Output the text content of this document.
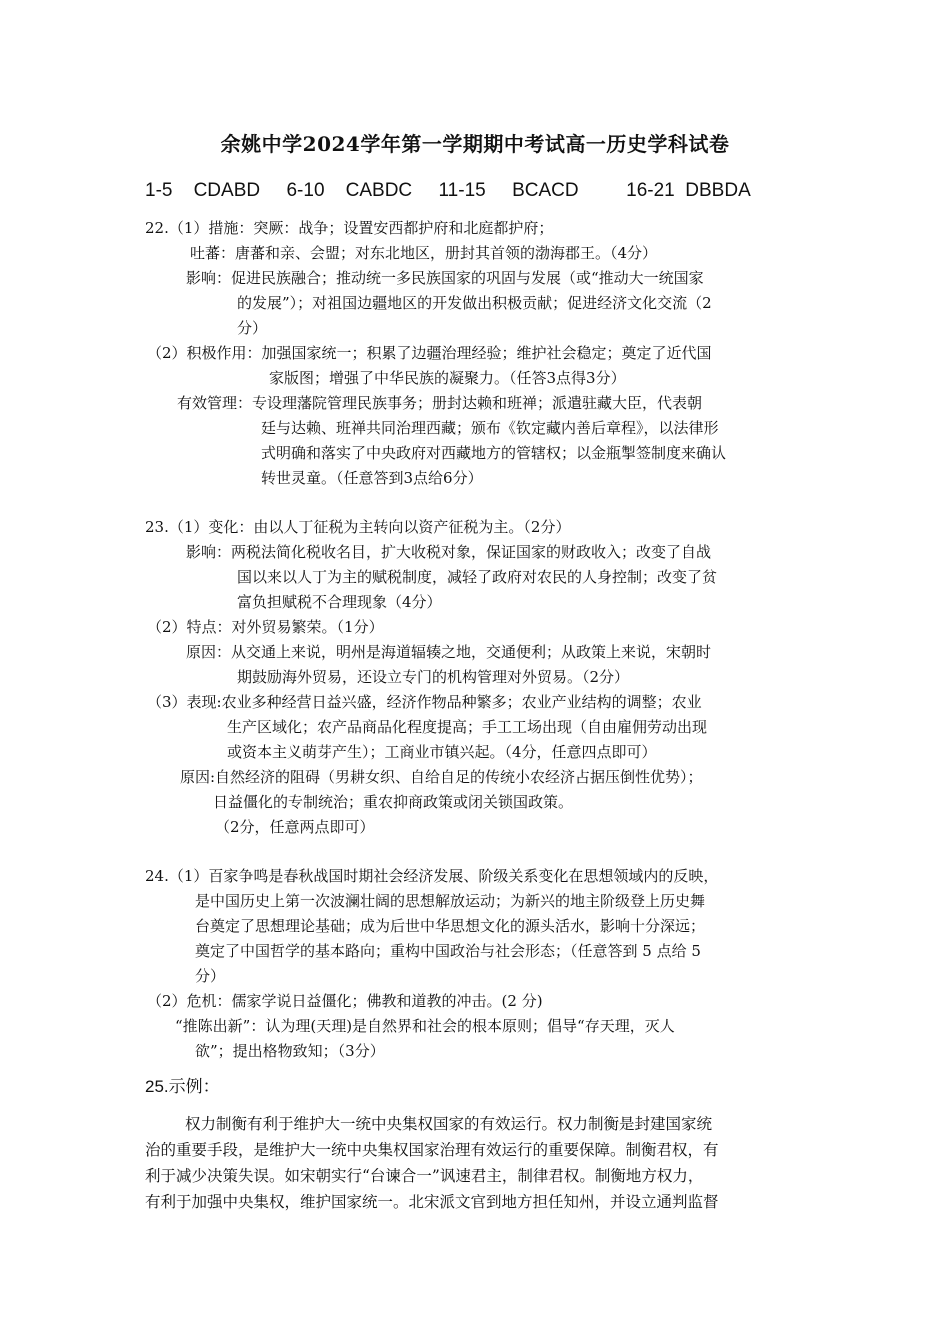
余姚中学2024学年第一学期期中考试高一历史学科试卷
1-5    CDABD     6-10    CABDC     11-15     BCACD         16-21  DBBDA
22.（1）措施：突厥：战争；设置安西都护府和北庭都护府；
吐蕃：唐蕃和亲、会盟；对东北地区，册封其首领的渤海郡王。（4分）
影响：促进民族融合；推动统一多民族国家的巩固与发展（或“推动大一统国家
的发展”）；对祖国边疆地区的开发做出积极贡献；促进经济文化交流（2
分）
（2）积极作用：加强国家统一；积累了边疆治理经验；维护社会稳定；奠定了近代国
家版图；增强了中华民族的凝聚力。（任答3点得3分）
有效管理：专设理藩院管理民族事务；册封达赖和班禅；派遣驻藏大臣，代表朝
廷与达赖、班禅共同治理西藏；颁布《钦定藏内善后章程》，以法律形
式明确和落实了中央政府对西藏地方的管辖权；以金瓶掣签制度来确认
转世灵童。（任意答到3点给6分）
23.（1）变化：由以人丁征税为主转向以资产征税为主。（2分）
影响：两税法简化税收名目，扩大收税对象，保证国家的财政收入；改变了自战
国以来以人丁为主的赋税制度，减轻了政府对农民的人身控制；改变了贫
富负担赋税不合理现象（4分）
（2）特点：对外贸易繁荣。（1分）
原因：从交通上来说，明州是海道辐辏之地，交通便利；从政策上来说，宋朝时
期鼓励海外贸易，还设立专门的机构管理对外贸易。（2分）
（3）表现:农业多种经营日益兴盛，经济作物品种繁多；农业产业结构的调整；农业
生产区域化；农产品商品化程度提高；手工工场出现（自由雇佣劳动出现
或资本主义萌芽产生）；工商业市镇兴起。（4分，任意四点即可）
原因:自然经济的阻碍（男耕女织、自给自足的传统小农经济占据压倒性优势）；
日益僵化的专制统治；重农抑商政策或闭关锁国政策。
（2分，任意两点即可）
24.（1）百家争鸣是春秋战国时期社会经济发展、阶级关系变化在思想领域内的反映，
是中国历史上第一次波澜壮阔的思想解放运动；为新兴的地主阶级登上历史舞
台奠定了思想理论基础；成为后世中华思想文化的源头活水，影响十分深远；
奠定了中国哲学的基本路向；重构中国政治与社会形态；（任意答到 5 点给 5
分）
（2）危机：儒家学说日益僵化；佛教和道教的冲击。(2 分)
“推陈出新”：认为理(天理)是自然界和社会的根本原则；倡导“存天理，灭人
欲”；提出格物致知；（3分）
25.示例：
权力制衡有利于维护大一统中央集权国家的有效运行。权力制衡是封建国家统
治的重要手段，是维护大一统中央集权国家治理有效运行的重要保障。制衡君权，有
利于减少决策失误。如宋朝实行“台谏合一”讽速君主，制律君权。制衡地方权力，
有利于加强中央集权，维护国家统一。北宋派文官到地方担任知州，并设立通判监督
